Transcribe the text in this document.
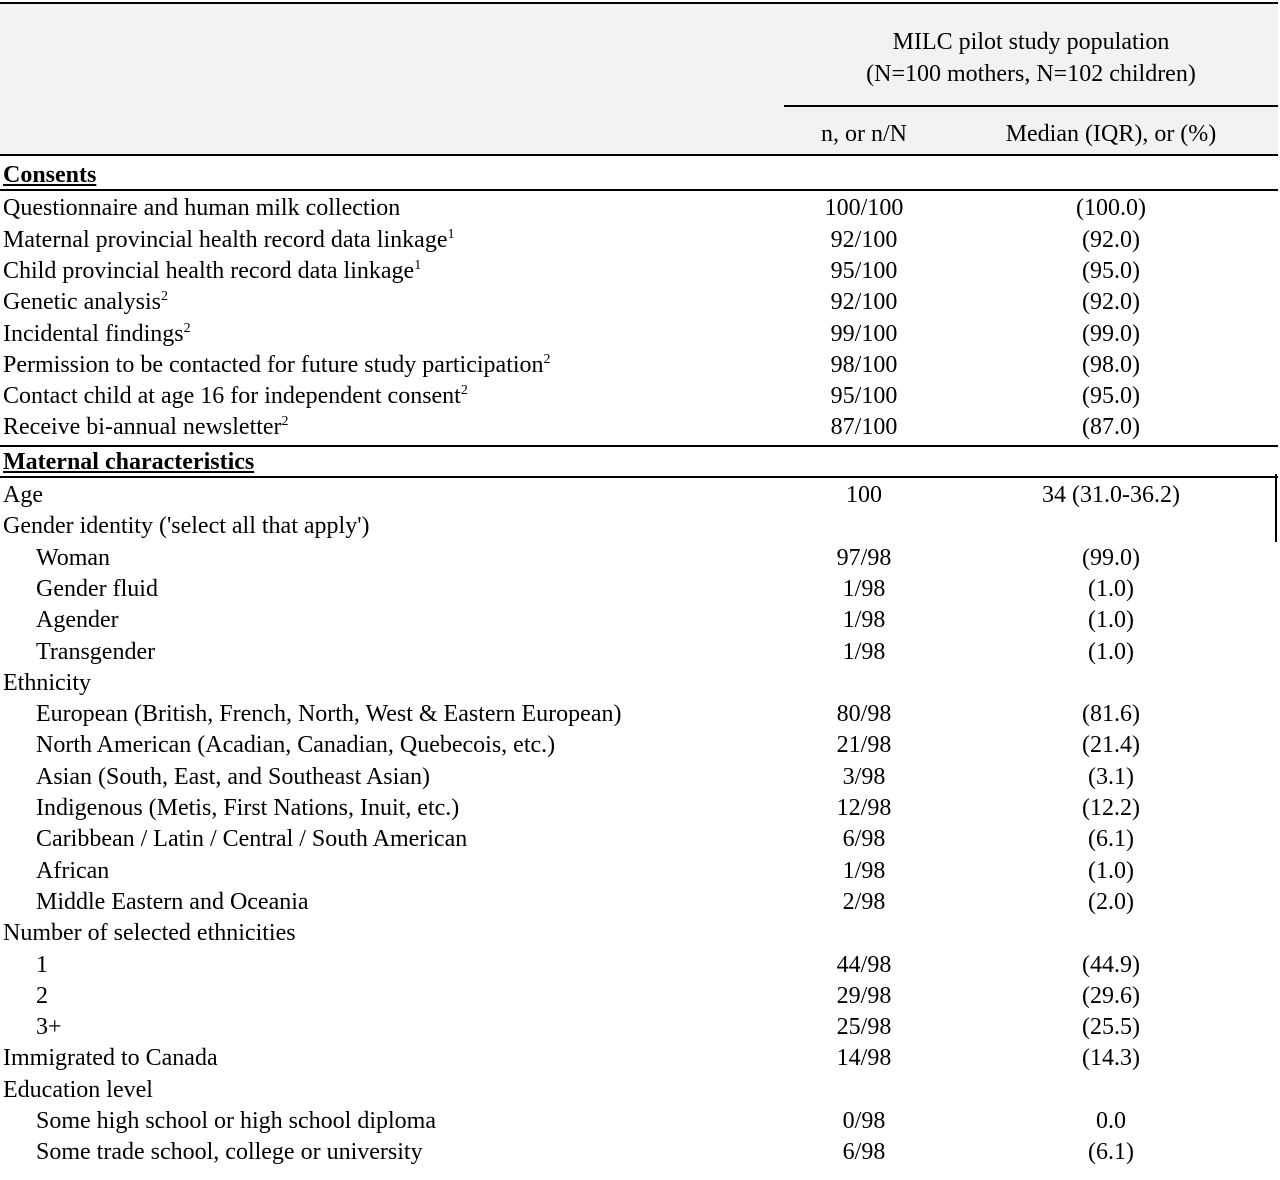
MILC pilot study population
(N=100 mothers, N=102 children)
n, or n/N	Median (IQR), or (%)
Consents
Questionnaire and human milk collection	100/100	(100.0)
Maternal provincial health record data linkage$^1$	92/100	(92.0)
Child provincial health record data linkage$^1$	95/100	(95.0)
Genetic analysis$^2$	92/100	(92.0)
Incidental findings$^2$	99/100	(99.0)
Permission to be contacted for future study participation$^2$	98/100	(98.0)
Contact child at age 16 for independent consent$^2$	95/100	(95.0)
Receive bi-annual newsletter$^2$	87/100	(87.0)
Maternal characteristics
Age	100	34 (31.0-36.2)
Gender identity ('select all that apply')
Woman	97/98	(99.0)
Gender fluid	1/98	(1.0)
Agender	1/98	(1.0)
Transgender	1/98	(1.0)
Ethnicity
European (British, French, North, West & Eastern European)	80/98	(81.6)
North American (Acadian, Canadian, Quebecois, etc.)	21/98	(21.4)
Asian (South, East, and Southeast Asian)	3/98	(3.1)
Indigenous (Metis, First Nations, Inuit, etc.)	12/98	(12.2)
Caribbean / Latin / Central / South American	6/98	(6.1)
African	1/98	(1.0)
Middle Eastern and Oceania	2/98	(2.0)
Number of selected ethnicities
1	44/98	(44.9)
2	29/98	(29.6)
3+	25/98	(25.5)
Immigrated to Canada	14/98	(14.3)
Education level
Some high school or high school diploma	0/98	0.0
Some trade school, college or university	6/98	(6.1)
